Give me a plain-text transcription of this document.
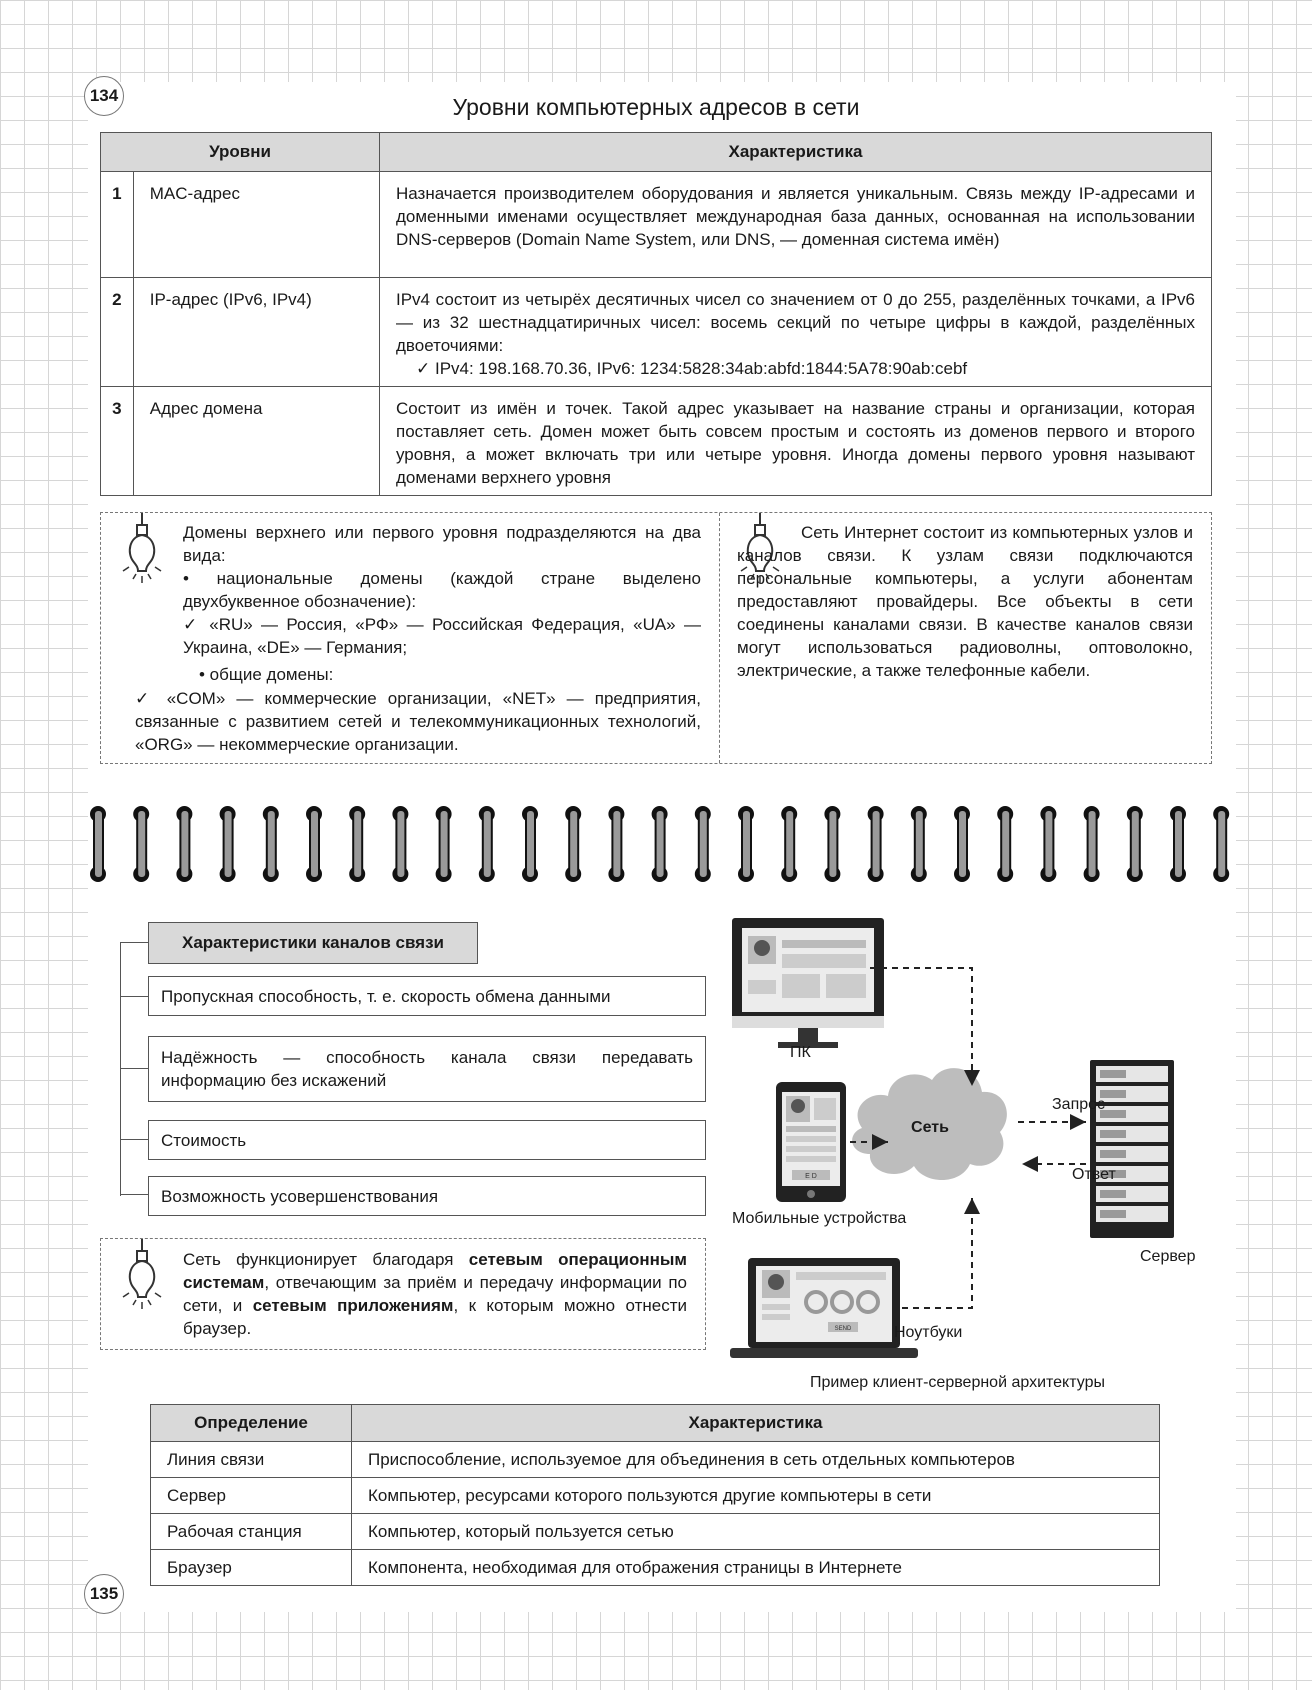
134	Уровни компьютерных адресов в сети
Уровни		Характеристика
1	MAC-адрес	Назначается производителем оборудования и является уникальным. Связь между IP-адресами и доменными именами осуществляет международная база данных, основанная на использовании DNS-серверов (Domain Name System, или DNS, — доменная система имён)
2	IP-адрес (IPv6, IPv4)	IPv4 состоит из четырёх десятичных чисел со значением от 0 до 255, разделённых точками, а IPv6 — из 32 шестнадцатиричных чисел: восемь секций по четыре цифры в каждой, разделённых двоеточиями:
✓ IPv4: 198.168.70.36, IPv6: 1234:5828:34ab:abfd:1844:5A78:90ab:cebf

3	Адрес домена	Состоит из имён и точек. Такой адрес указывает на название страны и организации, которая поставляет сеть. Домен может быть совсем простым и состоять из доменов первого и второго уровня, а может включать три или четыре уровня. Иногда домены первого уровня называют доменами верхнего уровня
Домены верхнего или первого уровня подразделяются на два вида:
• национальные домены (каждой стране выделено двухбуквенное обозначение):
✓ «RU» — Россия, «РФ» — Российская Федерация, «UA» — Украина, «DE» — Германия;
• общие домены:
✓ «COM» — коммерческие организации, «NET» — предприятия, связанные с развитием сетей и телекоммуникационных технологий, «ORG» — некоммерческие организации.
Сеть Интернет состоит из компьютерных узлов и каналов связи. К узлам связи подключаются персональные компьютеры, а услуги абонентам предоставляют провайдеры. Все объекты в сети соединены каналами связи. В качестве каналов связи могут использоваться радиоволны, оптоволокно, электрические, а также телефонные кабели.
Характеристики каналов связи
Пропускная способность, т. е. скорость обмена данными
Надёжность — способность канала связи передавать информацию без искажений
Стоимость
Возможность усовершенствования
Сеть функционирует благодаря сетевым операционным системам, отвечающим за приём и передачу информации по сети, и сетевым приложениям, к которым можно отнести браузер.
E D
SEND
Сеть
ПК
Мобильные устройства
Ноутбуки
Сервер
Запрос
Ответ
Пример клиент-серверной архитектуры
Определение	Характеристика
Линия связи	Приспособление, используемое для объединения в сеть отдельных компьютеров
Сервер	Компьютер, ресурсами которого пользуются другие компьютеры в сети
Рабочая станция	Компьютер, который пользуется сетью
Браузер	Компонента, необходимая для отображения страницы в Интернете
135
